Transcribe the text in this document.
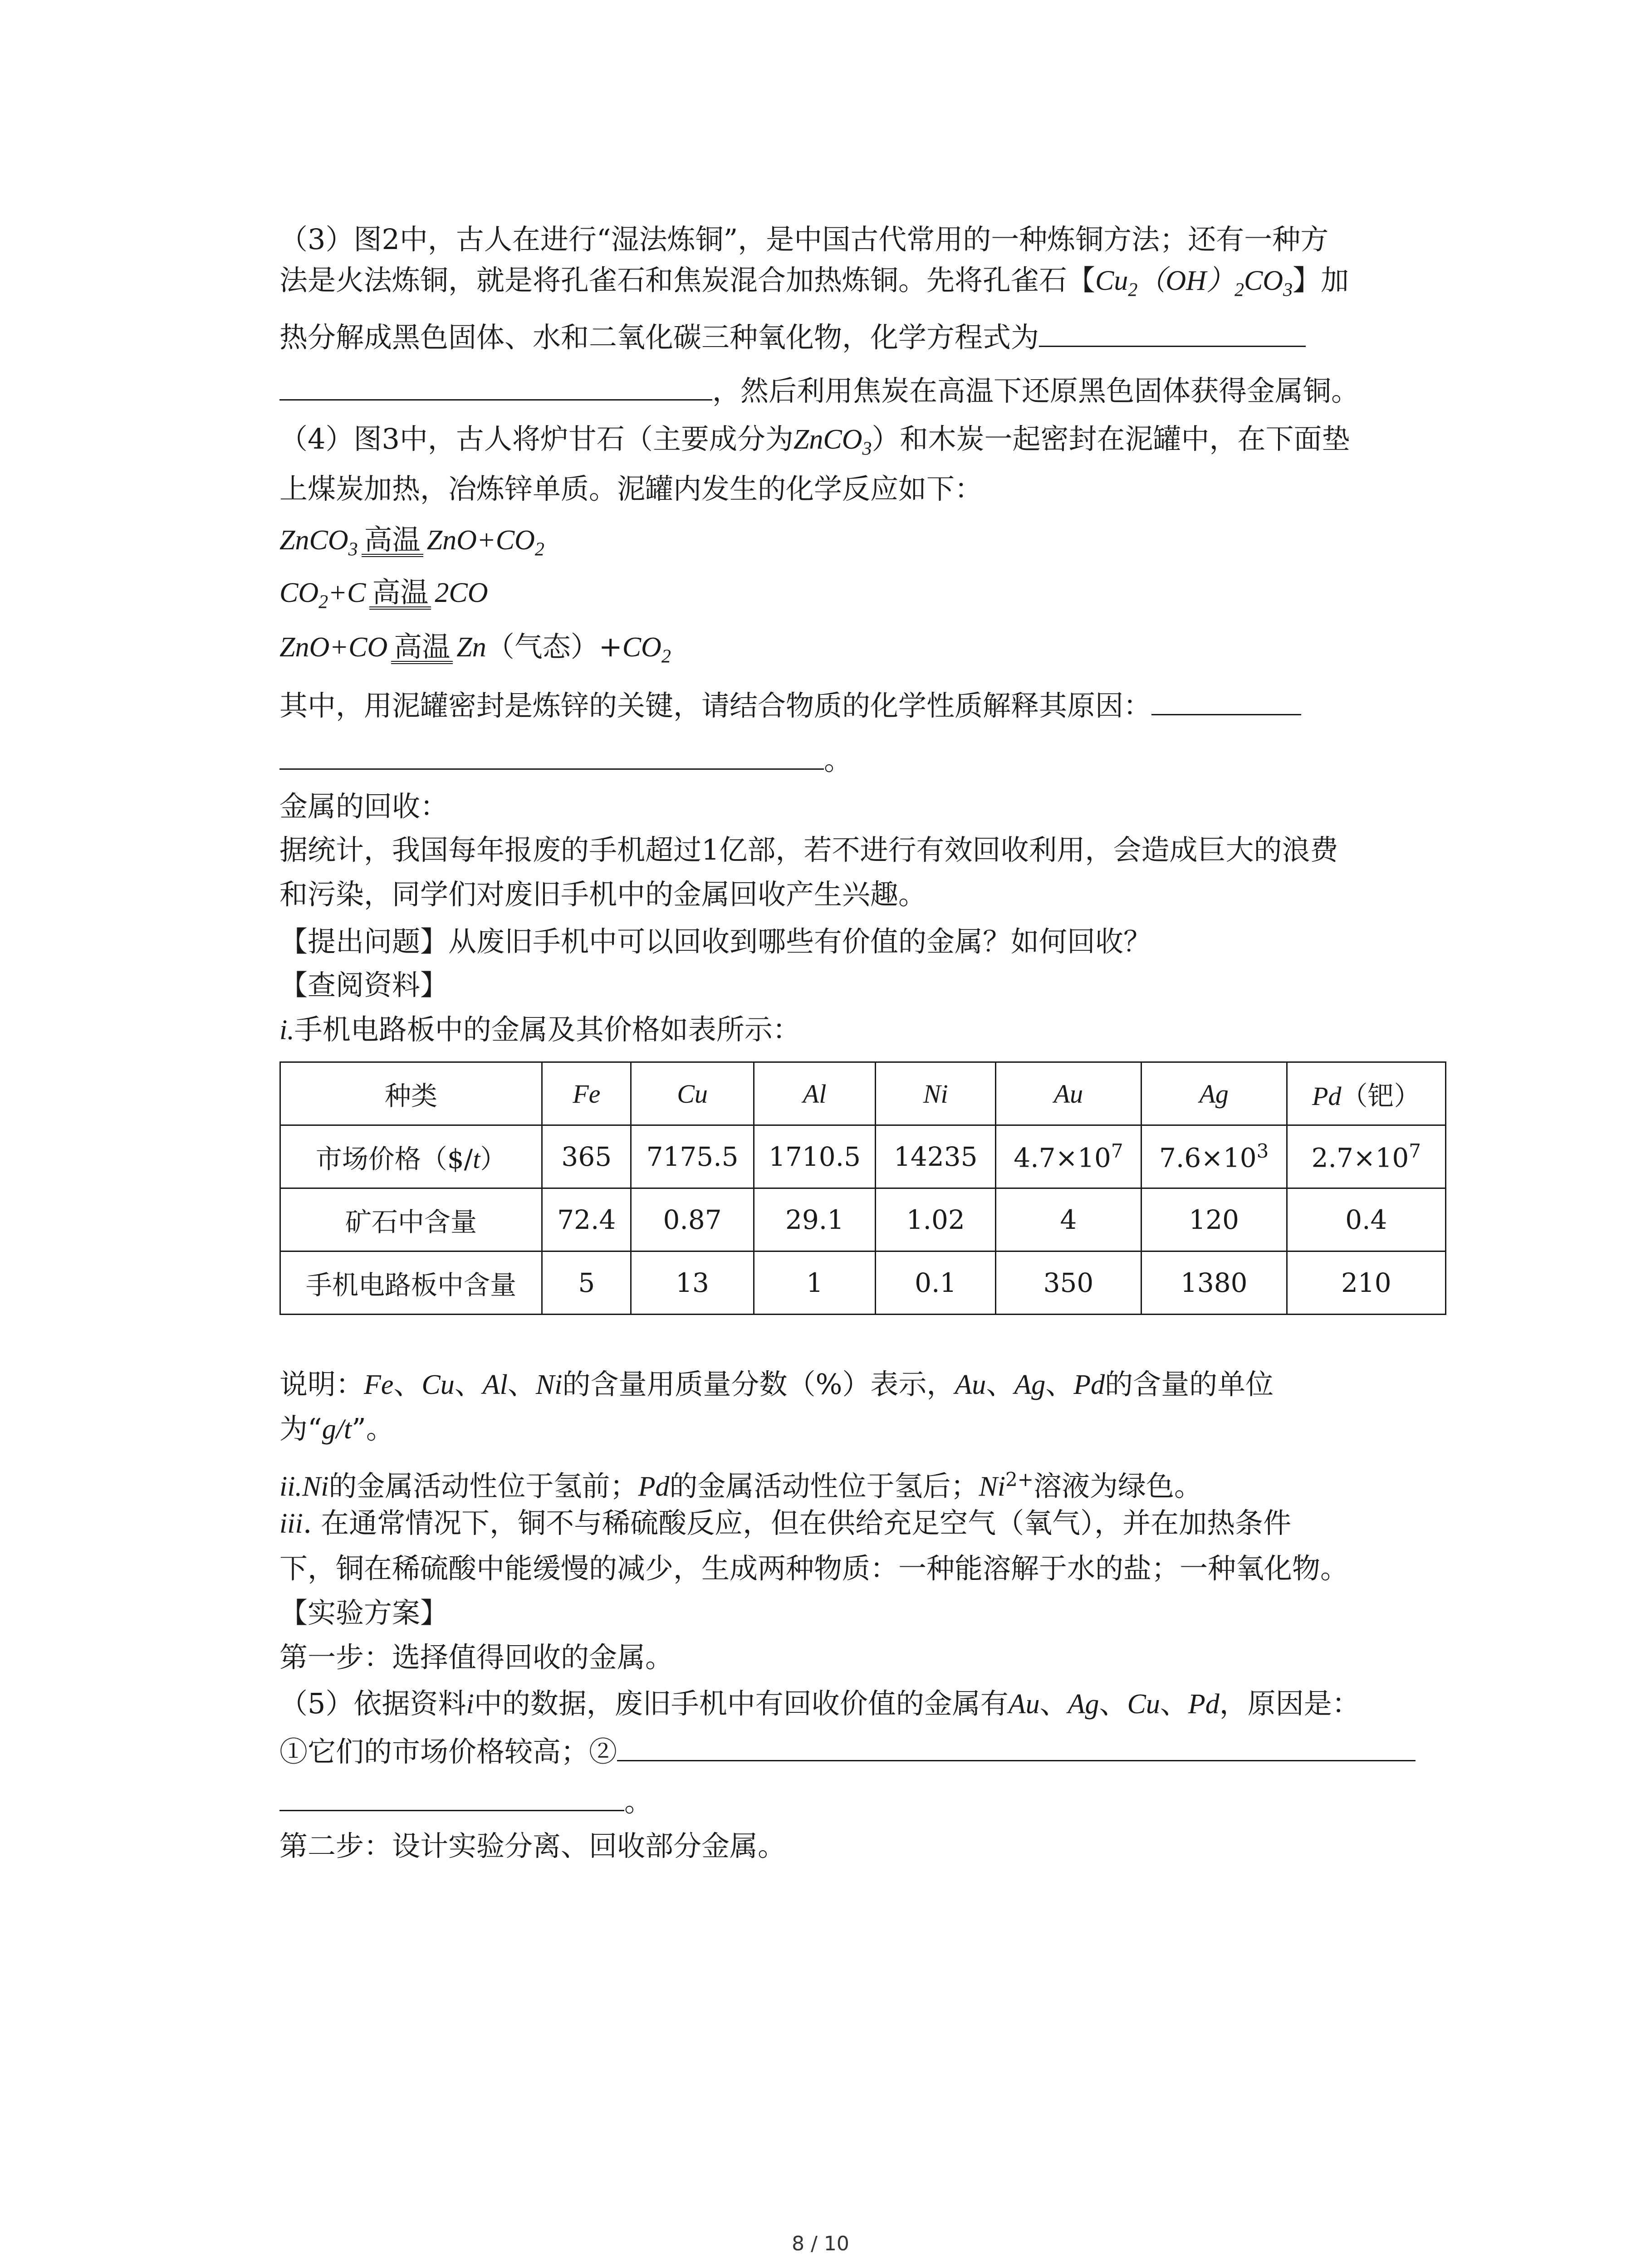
（3）图2中，古人在进行“湿法炼铜”，是中国古代常用的一种炼铜方法；还有一种方
法是火法炼铜，就是将孔雀石和焦炭混合加热炼铜。先将孔雀石【$Cu_2(OH)_2CO_3$】加
热分解成黑色固体、水和二氧化碳三种氧化物，化学方程式为
，然后利用焦炭在高温下还原黑色固体获得金属铜。
（4）图3中，古人将炉甘石（主要成分为ZnCO$_3$）和木炭一起密封在泥罐中，在下面垫
上煤炭加热，冶炼锌单质。泥罐内发生的化学反应如下：
ZnCO$_3$ 高温 $ZnO+CO_2$
$CO_2+C$ 高温 2CO
ZnO+CO 高温 Zn（气态）$+CO_2$
其中，用泥罐密封是炼锌的关键，请结合物质的化学性质解释其原因：
。
金属的回收：
据统计，我国每年报废的手机超过1亿部，若不进行有效回收利用，会造成巨大的浪费
和污染，同学们对废旧手机中的金属回收产生兴趣。
【提出问题】从废旧手机中可以回收到哪些有价值的金属？如何回收？
【查阅资料】
i.手机电路板中的金属及其价格如表所示：
种类	Fe	Cu	Al	Ni	Au	Ag	Pd（钯）
市场价格（$/t）	365	7175.5	1710.5	14235	$4.7\times 10^7$	$7.6\times 10^3$	$2.7\times 10^7$
矿石中含量	72.4	0.87	29.1	1.02	4	120	0.4
手机电路板中含量	5	13	1	0.1	350	1380	210
说明：Fe、Cu、Al、Ni的含量用质量分数（%）表示，Au、Ag、Pd的含量的单位
为“g/t”。
ii.Ni的金属活动性位于氢前；Pd的金属活动性位于氢后；$Ni^{2+}$溶液为绿色。
iii. 在通常情况下，铜不与稀硫酸反应，但在供给充足空气（氧气），并在加热条件
下，铜在稀硫酸中能缓慢的减少，生成两种物质：一种能溶解于水的盐；一种氧化物。
【实验方案】
第一步：选择值得回收的金属。
（5）依据资料i中的数据，废旧手机中有回收价值的金属有Au、Ag、Cu、Pd，原因是：
①它们的市场价格较高；②
。
第二步：设计实验分离、回收部分金属。
8 / 10
